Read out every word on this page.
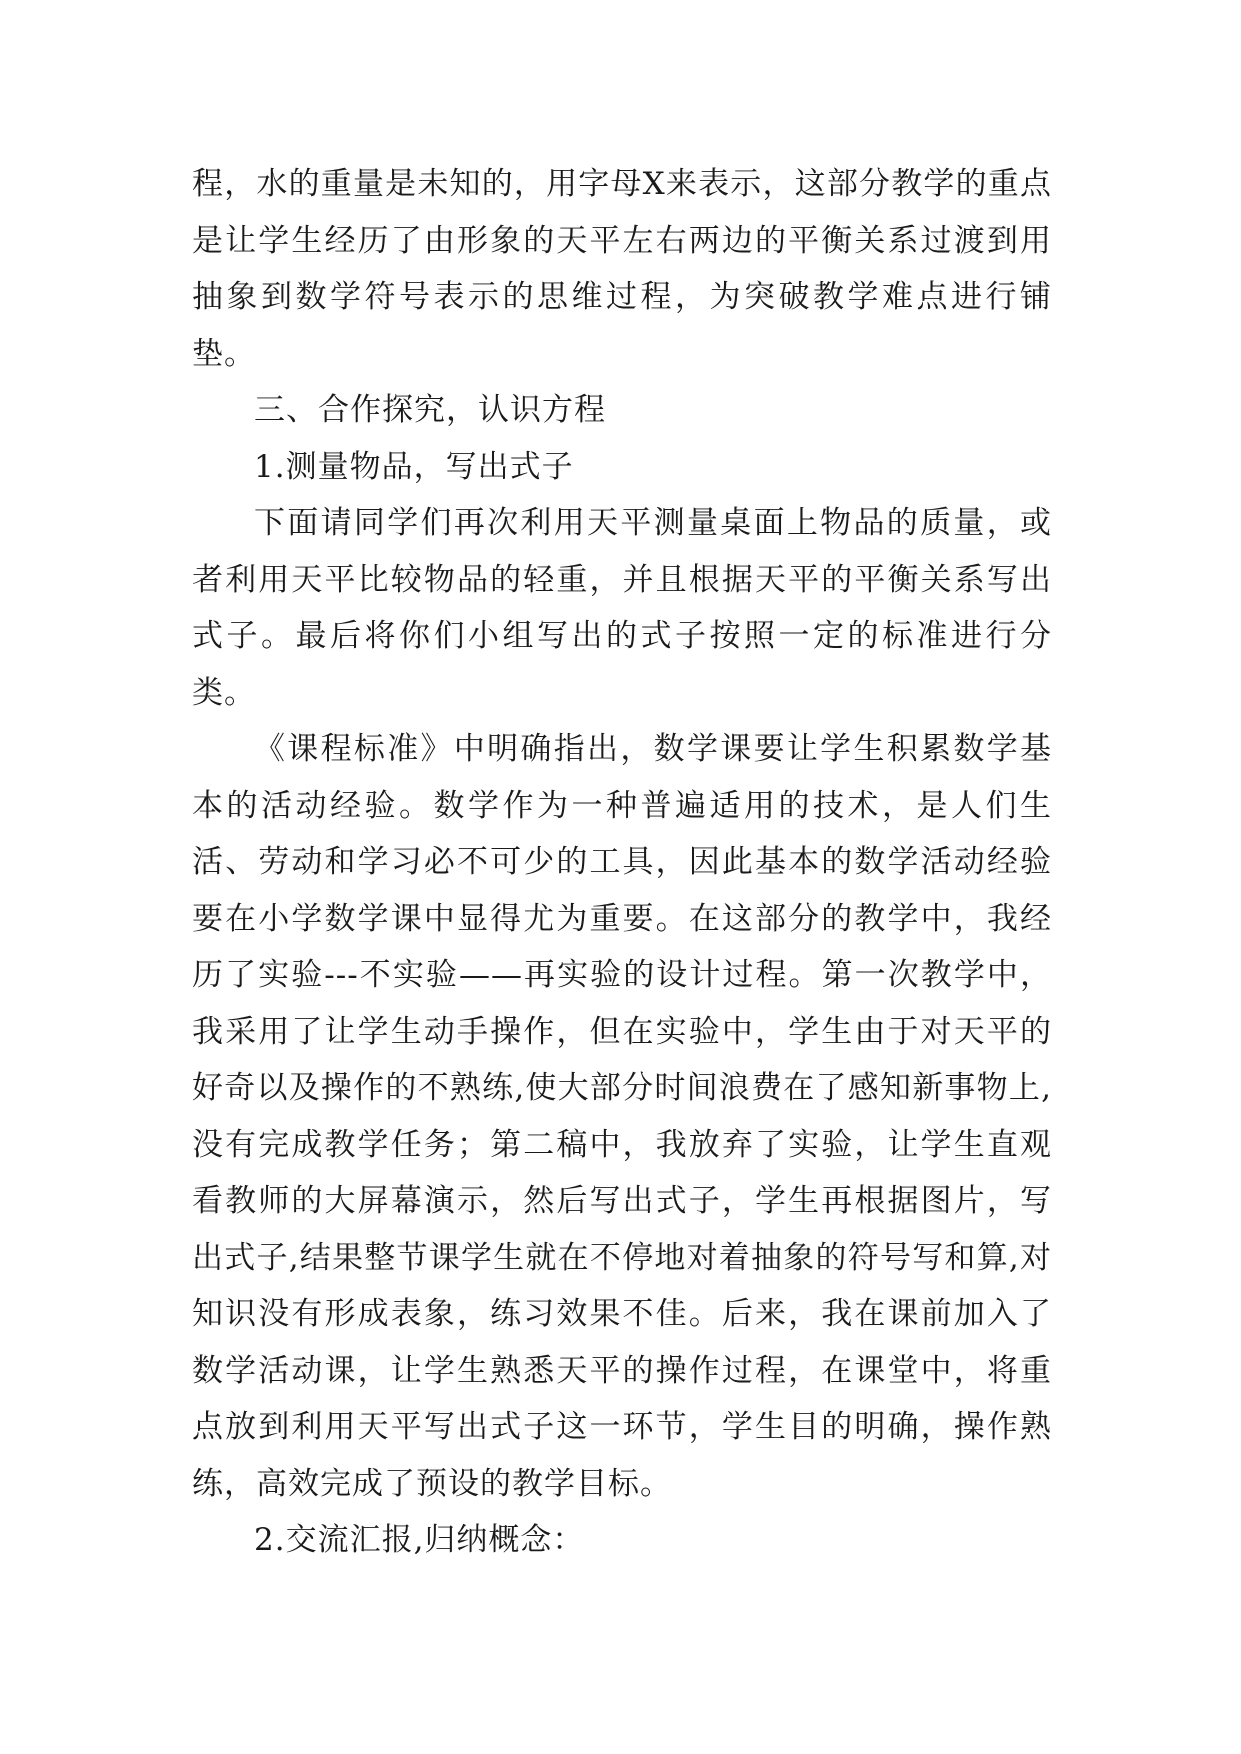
程，水的重量是未知的，用字母X来表示，这部分教学的重点是让学生经历了由形象的天平左右两边的平衡关系过渡到用抽象到数学符号表示的思维过程，为突破教学难点进行铺垫。

三、合作探究，认识方程

1.测量物品，写出式子

下面请同学们再次利用天平测量桌面上物品的质量，或者利用天平比较物品的轻重，并且根据天平的平衡关系写出式子。最后将你们小组写出的式子按照一定的标准进行分类。

《课程标准》中明确指出，数学课要让学生积累数学基本的活动经验。数学作为一种普遍适用的技术，是人们生活、劳动和学习必不可少的工具，因此基本的数学活动经验要在小学数学课中显得尤为重要。在这部分的教学中，我经历了实验---不实验——再实验的设计过程。第一次教学中，我采用了让学生动手操作，但在实验中，学生由于对天平的好奇以及操作的不熟练,使大部分时间浪费在了感知新事物上,没有完成教学任务；第二稿中，我放弃了实验，让学生直观看教师的大屏幕演示，然后写出式子，学生再根据图片，写出式子,结果整节课学生就在不停地对着抽象的符号写和算,对知识没有形成表象，练习效果不佳。后来，我在课前加入了数学活动课，让学生熟悉天平的操作过程，在课堂中，将重点放到利用天平写出式子这一环节，学生目的明确，操作熟练，高效完成了预设的教学目标。

2.交流汇报,归纳概念：
